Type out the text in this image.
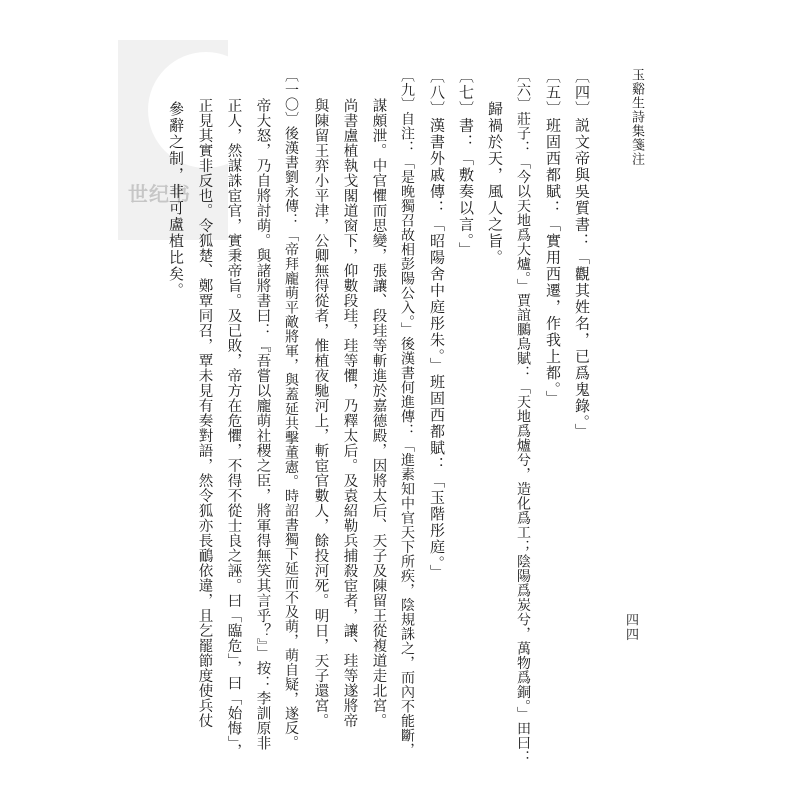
世纪书
玉谿生詩集箋注
四四
〔四〕説文帝與吳質書：「觀其姓名，已爲鬼錄。」
〔五〕班固西都賦：「實用西遷，作我上都。」
〔六〕莊子：「今以天地爲大爐。」賈誼鵩鳥賦：「天地爲爐兮，造化爲工；陰陽爲炭兮，萬物爲銅。」田曰：
　　歸禍於天，風人之旨。
〔七〕書：「敷奏以言。」
〔八〕漢書外戚傳：「昭陽舍中庭彤朱。」班固西都賦：「玉階彤庭。」
〔九〕自注：「是晚獨召故相彭陽公入。」後漢書何進傳：「進素知中官天下所疾，陰規誅之，而內不能斷，
　　謀頗泄。中官懼而思變，張讓、段珪等斬進於嘉德殿，因將太后、天子及陳留王從複道走北宮。
　　尚書盧植執戈閣道窗下，仰數段珪，珪等懼，乃釋太后。及袁紹勒兵捕殺宦者，讓、珪等遂將帝
　　與陳留王弈小平津，公卿無得從者，惟植夜馳河上，斬宦官數人，餘投河死。明日，天子還宮。
〔一〇〕後漢書劉永傳：「帝拜龐萌平敵將軍，與蓋延共擊董憲。時詔書獨下延而不及萌，萌自疑，遂反。
　　帝大怒，乃自將討萌。與諸將書曰：『吾嘗以龐萌社稷之臣，將軍得無笑其言乎？』」按：李訓原非
　　正人，然謀誅宦官，實秉帝旨。及已敗，帝方在危懼，不得不從士良之誣。曰「臨危」，曰「始悔」，
　　正見其實非反也。令狐楚、鄭覃同召，覃未見有奏對語，然令狐亦長鴯依違，且乞罷節度使兵仗
　　參辭之制，非可盧植比矣。
